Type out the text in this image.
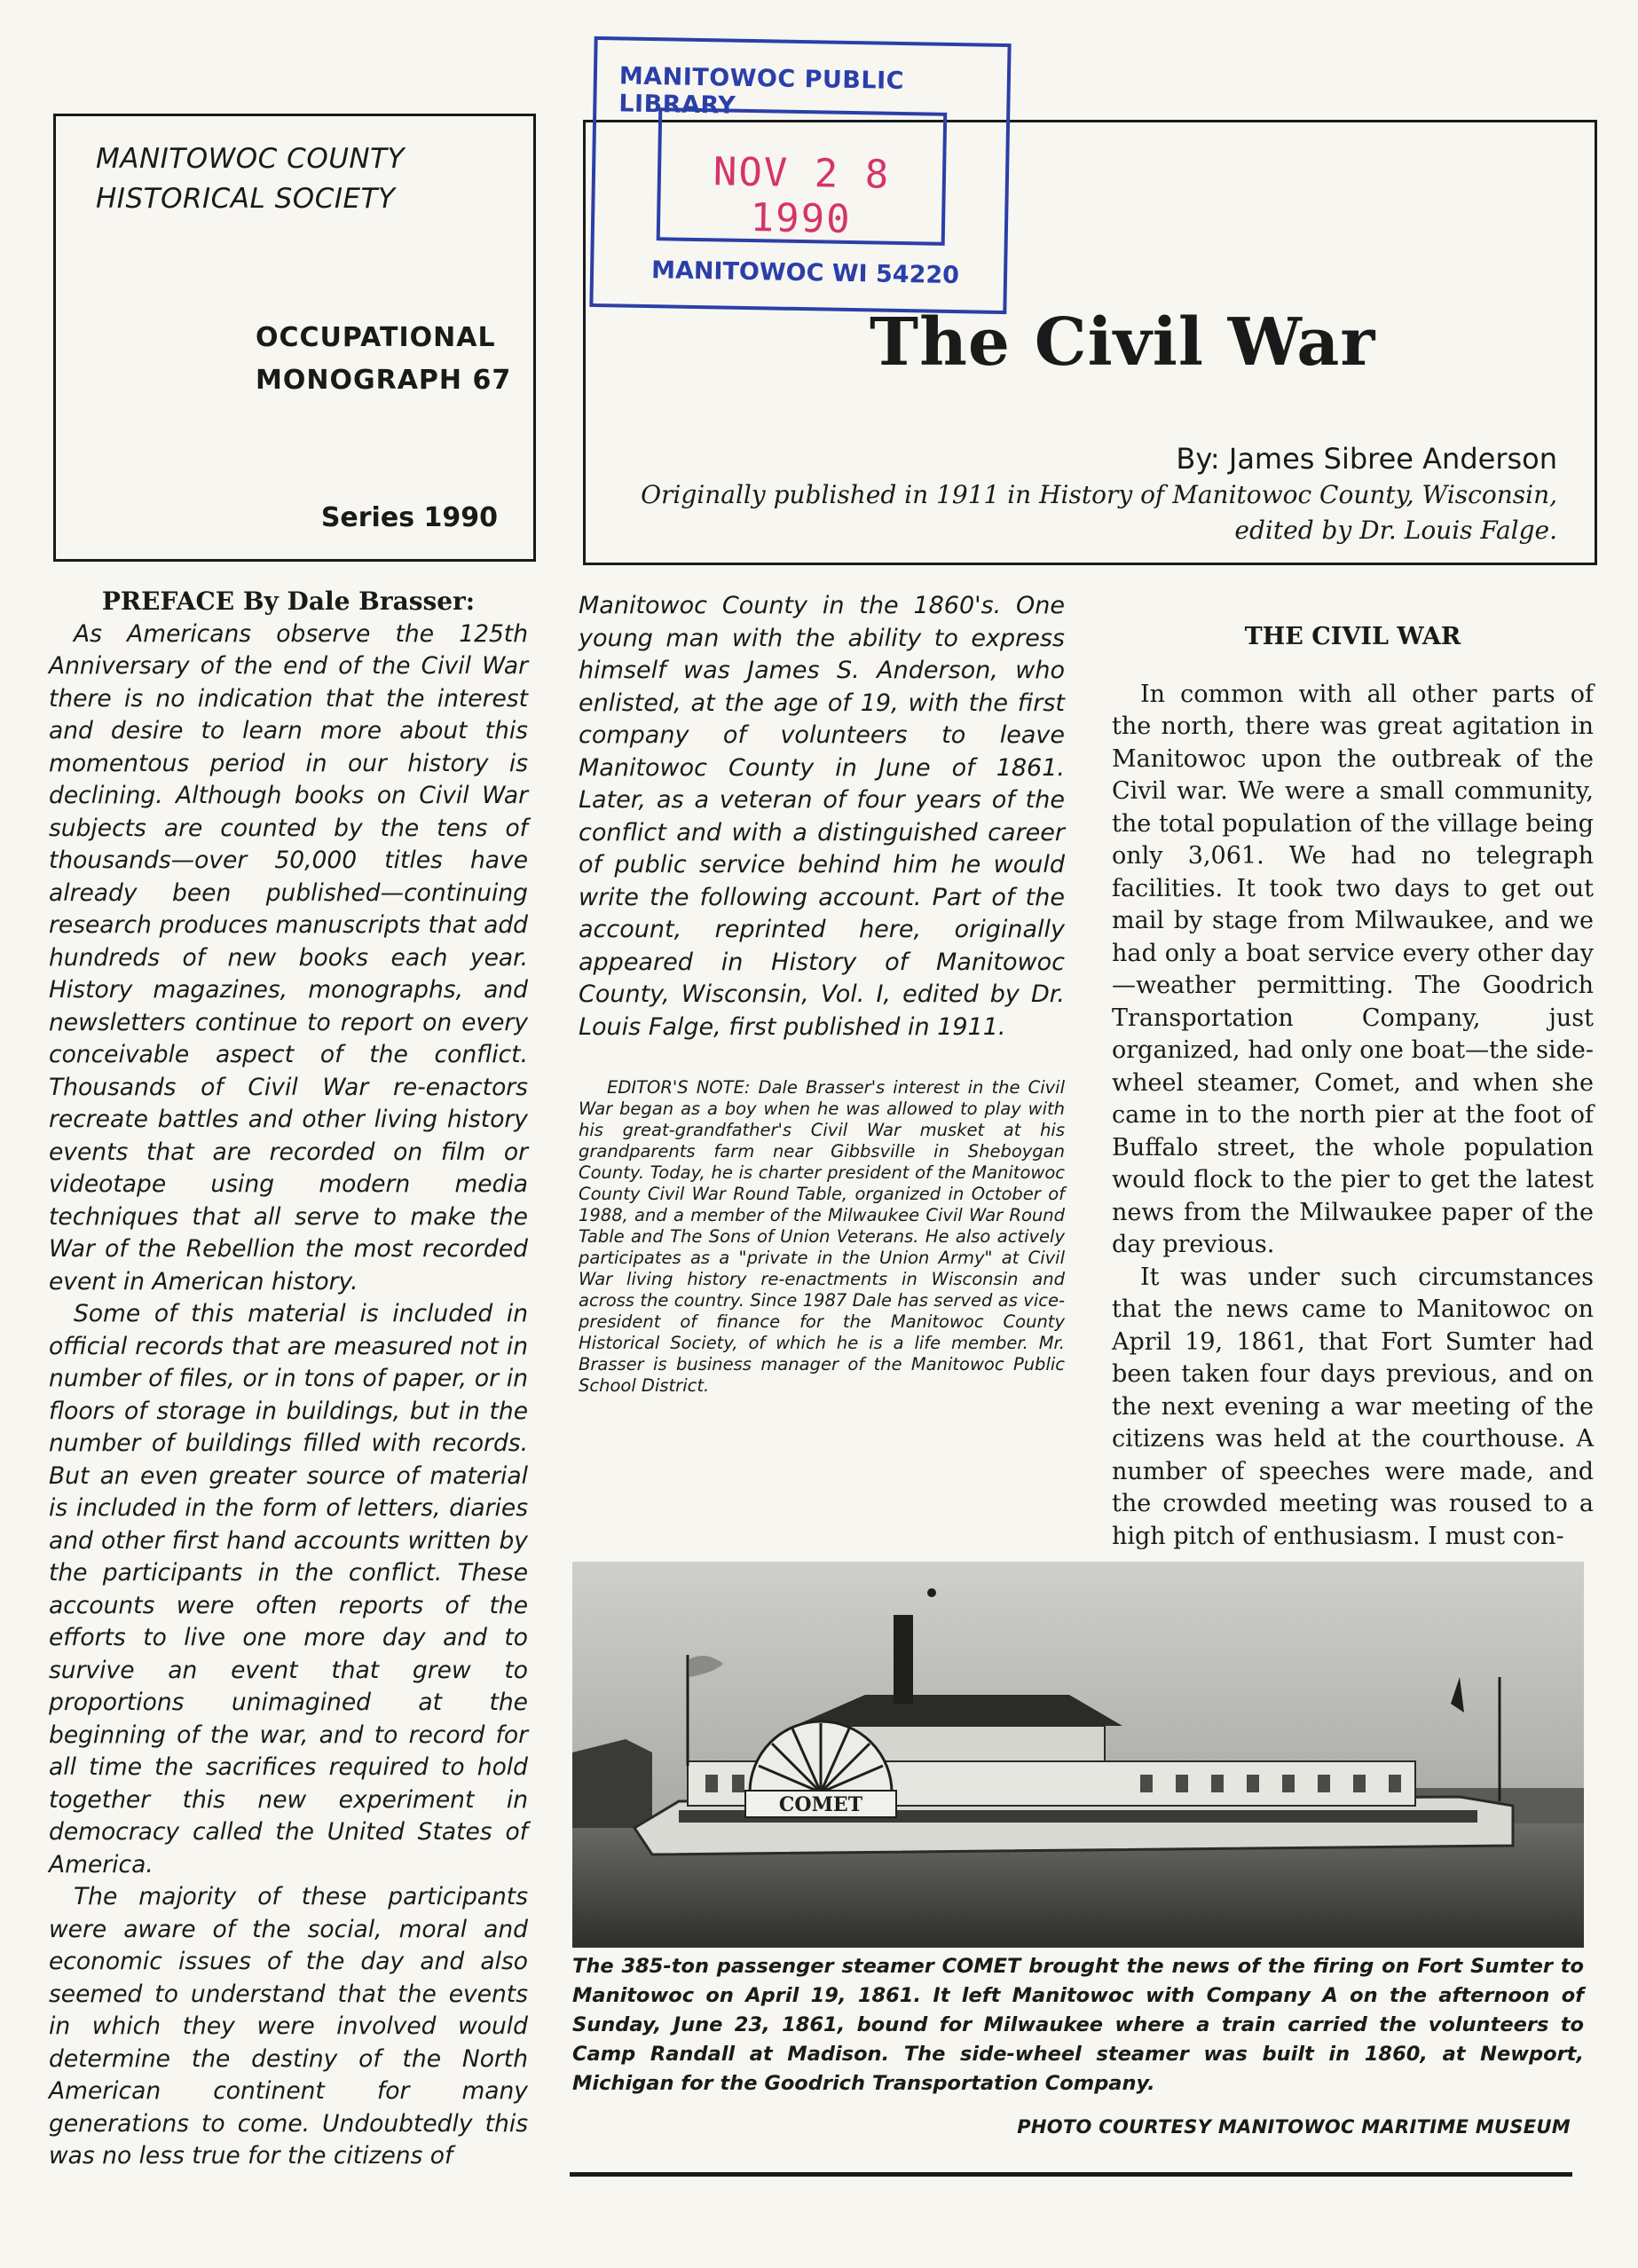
MANITOWOC COUNTY
HISTORICAL SOCIETY
OCCUPATIONAL
MONOGRAPH 67
Series 1990
The Civil War
By: James Sibree Anderson
Originally published in 1911 in History of Manitowoc County, Wisconsin,
edited by Dr. Louis Falge.
MANITOWOC PUBLIC LIBRARY
NOV 2 8 1990
MANITOWOC WI 54220

PREFACE By Dale Brasser:

As Americans observe the 125th Anniversary of the end of the Civil War there is no indication that the interest and desire to learn more about this momentous period in our history is declining. Although books on Civil War subjects are counted by the tens of thousands—over 50,000 titles have already been published—continuing research produces manuscripts that add hundreds of new books each year. History magazines, monographs, and newsletters continue to report on every conceivable aspect of the conflict. Thousands of Civil War re-enactors recreate battles and other living history events that are recorded on film or videotape using modern media techniques that all serve to make the War of the Rebellion the most recorded event in American history.

Some of this material is included in official records that are measured not in number of files, or in tons of paper, or in floors of storage in buildings, but in the number of buildings filled with records. But an even greater source of material is included in the form of letters, diaries and other first hand accounts written by the participants in the conflict. These accounts were often reports of the efforts to live one more day and to survive an event that grew to proportions unimagined at the beginning of the war, and to record for all time the sacrifices required to hold together this new experiment in democracy called the United States of America.

The majority of these participants were aware of the social, moral and economic issues of the day and also seemed to understand that the events in which they were involved would determine the destiny of the North American continent for many generations to come. Undoubtedly this was no less true for the citizens of

Manitowoc County in the 1860's. One young man with the ability to express himself was James S. Anderson, who enlisted, at the age of 19, with the first company of volunteers to leave Manitowoc County in June of 1861. Later, as a veteran of four years of the conflict and with a distinguished career of public service behind him he would write the following account. Part of the account, reprinted here, originally appeared in History of Manitowoc County, Wisconsin, Vol. I, edited by Dr. Louis Falge, first published in 1911.

EDITOR'S NOTE: Dale Brasser's interest in the Civil War began as a boy when he was allowed to play with his great-grandfather's Civil War musket at his grandparents farm near Gibbsville in Sheboygan County. Today, he is charter president of the Manitowoc County Civil War Round Table, organized in October of 1988, and a member of the Milwaukee Civil War Round Table and The Sons of Union Veterans. He also actively participates as a "private in the Union Army" at Civil War living history re-enactments in Wisconsin and across the country. Since 1987 Dale has served as vice-president of finance for the Manitowoc County Historical Society, of which he is a life member. Mr. Brasser is business manager of the Manitowoc Public School District.

THE CIVIL WAR

In common with all other parts of the north, there was great agitation in Manitowoc upon the outbreak of the Civil war. We were a small community, the total population of the village being only 3,061. We had no telegraph facilities. It took two days to get out mail by stage from Milwaukee, and we had only a boat service every other day—weather permitting. The Goodrich Transportation Company, just organized, had only one boat—the side-wheel steamer, Comet, and when she came in to the north pier at the foot of Buffalo street, the whole population would flock to the pier to get the latest news from the Milwaukee paper of the day previous.

It was under such circumstances that the news came to Manitowoc on April 19, 1861, that Fort Sumter had been taken four days previous, and on the next evening a war meeting of the citizens was held at the courthouse. A number of speeches were made, and the crowded meeting was roused to a high pitch of enthusiasm. I must con-

COMET

The 385-ton passenger steamer COMET brought the news of the firing on Fort Sumter to Manitowoc on April 19, 1861. It left Manitowoc with Company A on the afternoon of Sunday, June 23, 1861, bound for Milwaukee where a train carried the volunteers to Camp Randall at Madison. The side-wheel steamer was built in 1860, at Newport, Michigan for the Goodrich Transportation Company.

PHOTO COURTESY MANITOWOC MARITIME MUSEUM
